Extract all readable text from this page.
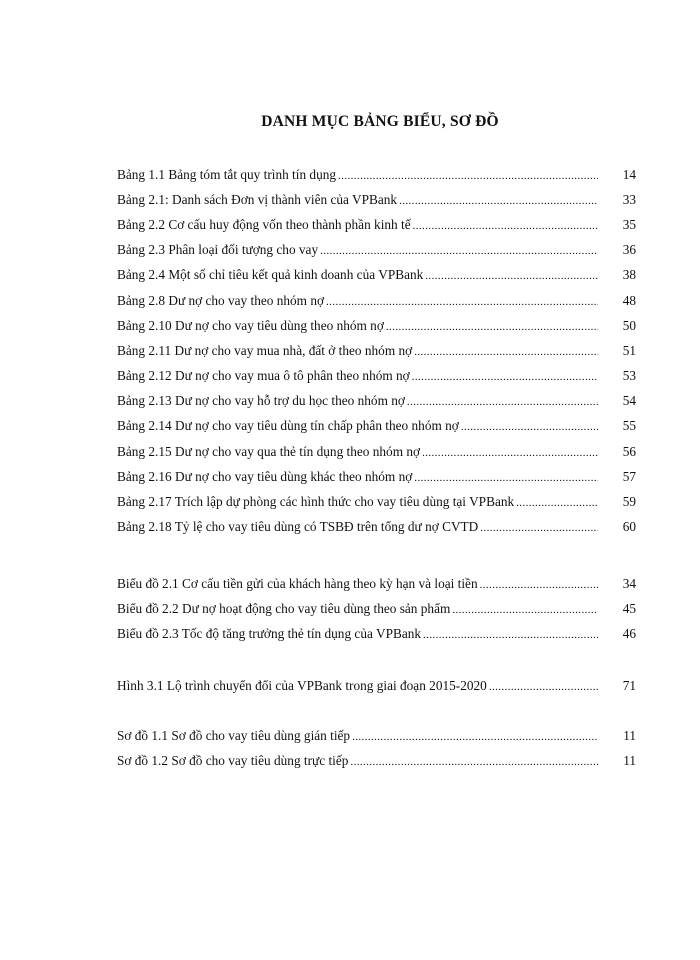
DANH MỤC BẢNG BIỂU, SƠ ĐỒ
Bảng 1.1 Bảng tóm tắt quy trình tín dụng .....	14
Bảng 2.1: Danh sách Đơn vị thành viên của VPBank .....	33
Bảng 2.2 Cơ cấu huy động vốn theo thành phần kinh tế .....	35
Bảng 2.3 Phân loại đối tượng cho vay .....	36
Bảng 2.4 Một số chỉ tiêu kết quả kinh doanh của VPBank .....	38
Bảng 2.8 Dư nợ cho vay theo nhóm nợ .....	48
Bảng 2.10 Dư nợ cho vay tiêu dùng theo nhóm nợ .....	50
Bảng 2.11 Dư nợ cho vay mua nhà, đất ở theo nhóm nợ .....	51
Bảng 2.12 Dư nợ cho vay mua ô tô phân theo nhóm nợ .....	53
Bảng 2.13 Dư nợ cho vay hỗ trợ du học theo nhóm nợ .....	54
Bảng 2.14 Dư nợ cho vay tiêu dùng tín chấp phân theo nhóm nợ .....	55
Bảng 2.15 Dư nợ cho vay qua thẻ tín dụng theo nhóm nợ .....	56
Bảng 2.16 Dư nợ cho vay tiêu dùng khác theo nhóm nợ .....	57
Bảng 2.17 Trích lập dự phòng các hình thức cho vay tiêu dùng tại VPBank .....	59
Bảng 2.18 Tỷ lệ cho vay tiêu dùng có TSBĐ trên tổng dư nợ CVTD .....	60
Biểu đồ 2.1 Cơ cấu tiền gửi của khách hàng theo kỳ hạn và loại tiền .....	34
Biểu đồ 2.2 Dư nợ hoạt động cho vay tiêu dùng theo sản phẩm .....	45
Biểu đồ 2.3 Tốc độ tăng trưởng thẻ tín dụng của VPBank .....	46
Hình 3.1 Lộ trình chuyển đổi của VPBank trong giai đoạn 2015-2020 .....	71
Sơ đồ 1.1 Sơ đồ cho vay tiêu dùng gián tiếp .....	11
Sơ đồ 1.2 Sơ đồ cho vay tiêu dùng trực tiếp .....	11
